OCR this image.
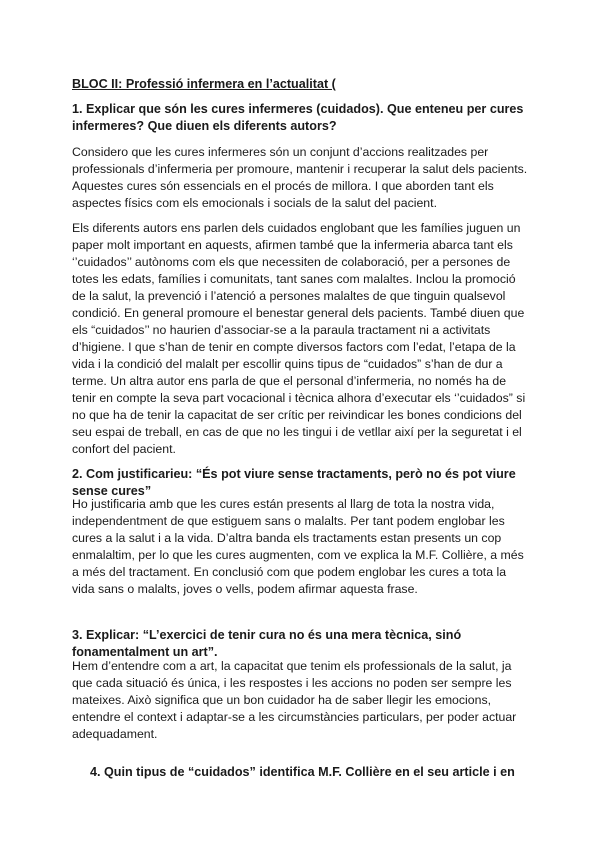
BLOC II: Professió infermera en l’actualitat (

1. Explicar que són les cures infermeres (cuidados). Que enteneu per cures infermeres? Que diuen els diferents autors?

Considero que les cures infermeres són un conjunt d’accions realitzades per professionals d’infermeria per promoure, mantenir i recuperar la salut dels pacients. Aquestes cures són essencials en el procés de millora. I que aborden tant els aspectes físics com els emocionals i socials de la salut del pacient.

Els diferents autors ens parlen dels cuidados englobant que les famílies juguen un paper molt important en aquests, afirmen també que la infermeria abarca tant els ‘’cuidados’’ autònoms com els que necessiten de colaboració, per a persones de totes les edats, famílies i comunitats, tant sanes com malaltes. Inclou la promoció de la salut, la prevenció i l’atenció a persones malaltes de que tinguin qualsevol condició. En general promoure el benestar general dels pacients. També diuen que els “cuidados’’ no haurien d’associar-se a la paraula tractament ni a activitats d’higiene. I que s’han de tenir en compte diversos factors com l’edat, l’etapa de la vida i la condició del malalt per escollir quins tipus de “cuidados” s’han de dur a terme. Un altra autor ens parla de que el personal d’infermeria, no només ha de tenir en compte la seva part vocacional i tècnica alhora d’executar els ‘’cuidados” si no que ha de tenir la capacitat de ser crític per reivindicar les bones condicions del seu espai de treball, en cas de que no les tingui i de vetllar així per la seguretat i el confort del pacient.

2. Com justificarieu: “És pot viure sense tractaments, però no és pot viure sense cures”

Ho justificaria amb que les cures están presents al llarg de tota la nostra vida, independentment de que estiguem sans o malalts. Per tant podem englobar les cures a la salut i a la vida. D’altra banda els tractaments estan presents un cop enmalaltim, per lo que les cures augmenten, com ve explica la M.F. Collière, a més a més del tractament. En conclusió com que podem englobar les cures a tota la vida sans o malalts, joves o vells, podem afirmar aquesta frase.

3. Explicar: “L’exercici de tenir cura no és una mera tècnica, sinó fonamentalment un art”.

Hem d’entendre com a art, la capacitat que tenim els professionals de la salut, ja que cada situació és única, i les respostes i les accions no poden ser sempre les mateixes. Això significa que un bon cuidador ha de saber llegir les emocions, entendre el context i adaptar-se a les circumstàncies particulars, per poder actuar adequadament.

4. Quin tipus de “cuidados” identifica M.F. Collière en el seu article i en
